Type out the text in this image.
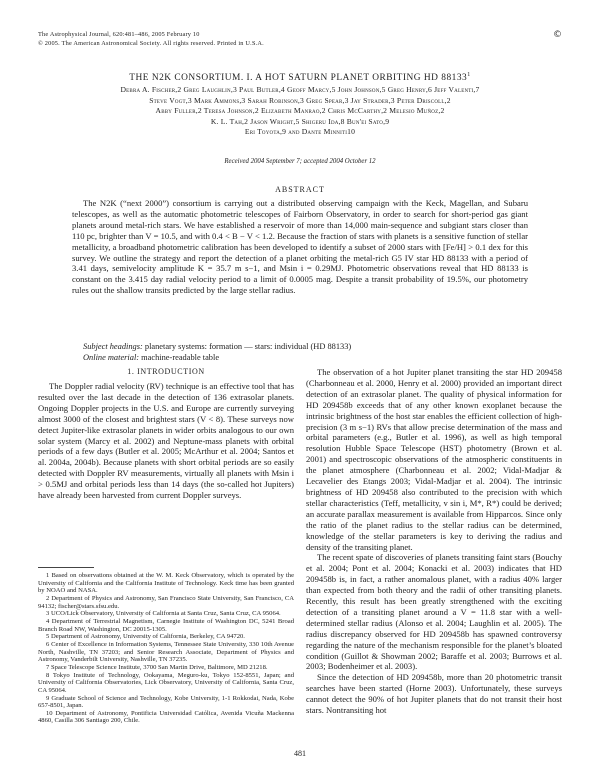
The Astrophysical Journal, 620:481–486, 2005 February 10
© 2005. The American Astronomical Society. All rights reserved. Printed in U.S.A.
©
THE N2K CONSORTIUM. I. A HOT SATURN PLANET ORBITING HD 88133$^1$
Debra A. Fischer,2 Greg Laughlin,3 Paul Butler,4 Geoff Marcy,5 John Johnson,5 Greg Henry,6 Jeff Valenti,7
Steve Vogt,3 Mark Ammons,3 Sarah Robinson,3 Greg Spear,3 Jay Strader,3 Peter Driscoll,2
Abby Fuller,2 Teresa Johnson,2 Elizabeth Manrao,2 Chris McCarthy,2 Melesio Muñoz,2
K. L. Tah,2 Jason Wright,5 Shigeru Ida,8 Bun'ei Sato,9
Eri Toyota,9 and Dante Minniti10
Received 2004 September 7; accepted 2004 October 12
ABSTRACT
The N2K (“next 2000”) consortium is carrying out a distributed observing campaign with the Keck, Magellan, and Subaru telescopes, as well as the automatic photometric telescopes of Fairborn Observatory, in order to search for short-period gas giant planets around metal-rich stars. We have established a reservoir of more than 14,000 main-sequence and subgiant stars closer than 110 pc, brighter than V = 10.5, and with 0.4 < B − V < 1.2. Because the fraction of stars with planets is a sensitive function of stellar metallicity, a broadband photometric calibration has been developed to identify a subset of 2000 stars with [Fe/H] > 0.1 dex for this survey. We outline the strategy and report the detection of a planet orbiting the metal-rich G5 IV star HD 88133 with a period of 3.41 days, semivelocity amplitude K = 35.7 m s−1, and Msin i = 0.29MJ. Photometric observations reveal that HD 88133 is constant on the 3.415 day radial velocity period to a limit of 0.0005 mag. Despite a transit probability of 19.5%, our photometry rules out the shallow transits predicted by the large stellar radius.
Subject headings: planetary systems: formation — stars: individual (HD 88133)
Online material: machine-readable table
1. INTRODUCTION

The Doppler radial velocity (RV) technique is an effective tool that has resulted over the last decade in the detection of 136 extrasolar planets. Ongoing Doppler projects in the U.S. and Europe are currently surveying almost 3000 of the closest and brightest stars (V < 8). These surveys now detect Jupiter-like extrasolar planets in wider orbits analogous to our own solar system (Marcy et al. 2002) and Neptune-mass planets with orbital periods of a few days (Butler et al. 2005; McArthur et al. 2004; Santos et al. 2004a, 2004b). Because planets with short orbital periods are so easily detected with Doppler RV measurements, virtually all planets with Msin i > 0.5MJ and orbital periods less than 14 days (the so-called hot Jupiters) have already been harvested from current Doppler surveys.

1 Based on observations obtained at the W. M. Keck Observatory, which is operated by the University of California and the California Institute of Technology. Keck time has been granted by NOAO and NASA.

2 Department of Physics and Astronomy, San Francisco State University, San Francisco, CA 94132; fischer@stars.sfsu.edu.

3 UCO/Lick Observatory, University of California at Santa Cruz, Santa Cruz, CA 95064.

4 Department of Terrestrial Magnetism, Carnegie Institute of Washington DC, 5241 Broad Branch Road NW, Washington, DC 20015-1305.

5 Department of Astronomy, University of California, Berkeley, CA 94720.

6 Center of Excellence in Information Systems, Tennessee State University, 330 10th Avenue North, Nashville, TN 37203; and Senior Research Associate, Department of Physics and Astronomy, Vanderbilt University, Nashville, TN 37235.

7 Space Telescope Science Institute, 3700 San Martin Drive, Baltimore, MD 21218.

8 Tokyo Institute of Technology, Ookayama, Meguro-ku, Tokyo 152-8551, Japan; and University of California Observatories, Lick Observatory, University of California, Santa Cruz, CA 95064.

9 Graduate School of Science and Technology, Kobe University, 1-1 Rokkodai, Nada, Kobe 657-8501, Japan.

10 Department of Astronomy, Pontificia Universidad Católica, Avenida Vicuña Mackenna 4860, Casilla 306 Santiago 200, Chile.

The observation of a hot Jupiter planet transiting the star HD 209458 (Charbonneau et al. 2000, Henry et al. 2000) provided an important direct detection of an extrasolar planet. The quality of physical information for HD 209458b exceeds that of any other known exoplanet because the intrinsic brightness of the host star enables the efficient collection of high-precision (3 m s−1) RVs that allow precise determination of the mass and orbital parameters (e.g., Butler et al. 1996), as well as high temporal resolution Hubble Space Telescope (HST) photometry (Brown et al. 2001) and spectroscopic observations of the atmospheric constituents in the planet atmosphere (Charbonneau et al. 2002; Vidal-Madjar & Lecavelier des Etangs 2003; Vidal-Madjar et al. 2004). The intrinsic brightness of HD 209458 also contributed to the precision with which stellar characteristics (Teff, metallicity, v sin i, M*, R*) could be derived; an accurate parallax measurement is available from Hipparcos. Since only the ratio of the planet radius to the stellar radius can be determined, knowledge of the stellar parameters is key to deriving the radius and density of the transiting planet.

The recent spate of discoveries of planets transiting faint stars (Bouchy et al. 2004; Pont et al. 2004; Konacki et al. 2003) indicates that HD 209458b is, in fact, a rather anomalous planet, with a radius 40% larger than expected from both theory and the radii of other transiting planets. Recently, this result has been greatly strengthened with the exciting detection of a transiting planet around a V = 11.8 star with a well-determined stellar radius (Alonso et al. 2004; Laughlin et al. 2005). The radius discrepancy observed for HD 209458b has spawned controversy regarding the nature of the mechanism responsible for the planet’s bloated condition (Guillot & Showman 2002; Baraffe et al. 2003; Burrows et al. 2003; Bodenheimer et al. 2003).

Since the detection of HD 209458b, more than 20 photometric transit searches have been started (Horne 2003). Unfortunately, these surveys cannot detect the 90% of hot Jupiter planets that do not transit their host stars. Nontransiting hot

481
